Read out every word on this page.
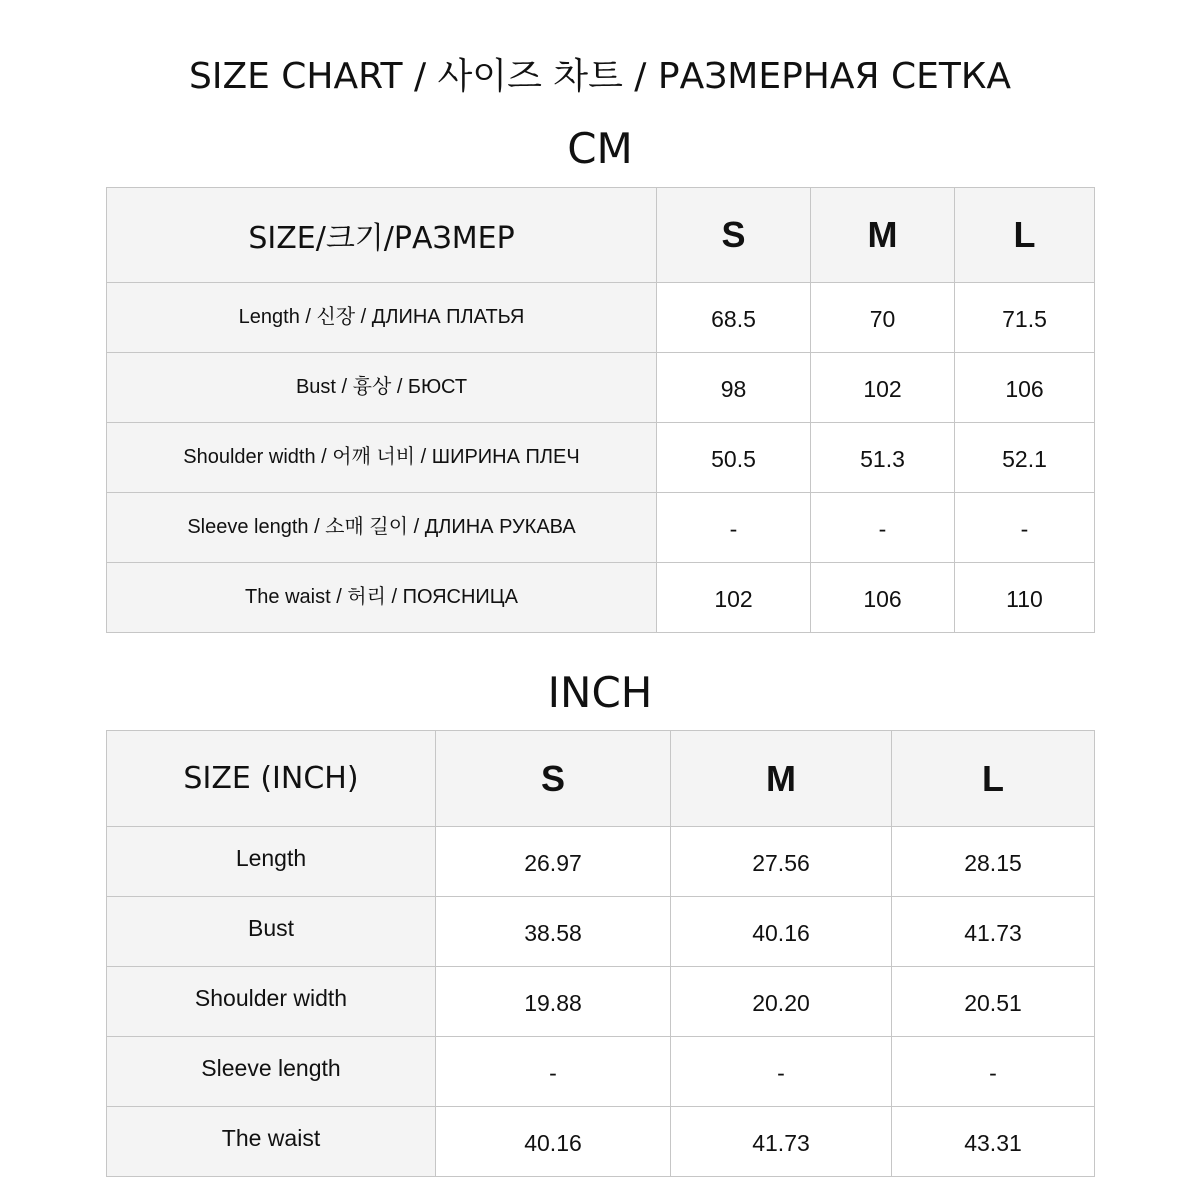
SIZE CHART / 사이즈 차트 / РАЗМЕРНАЯ СЕТКА
CM
SIZE/크기/РАЗМЕР	S	M	L
Length / 신장 / ДЛИНА ПЛАТЬЯ	68.5	70	71.5
Bust / 흉상 / БЮСТ	98	102	106
Shoulder width / 어깨 너비 / ШИРИНА ПЛЕЧ	50.5	51.3	52.1
Sleeve length / 소매 길이 / ДЛИНА РУКАВА	-	-	-
The waist / 허리 / ПОЯСНИЦА	102	106	110
INCH
SIZE (INCH)	S	M	L
Length	26.97	27.56	28.15
Bust	38.58	40.16	41.73
Shoulder width	19.88	20.20	20.51
Sleeve length	-	-	-
The waist	40.16	41.73	43.31
